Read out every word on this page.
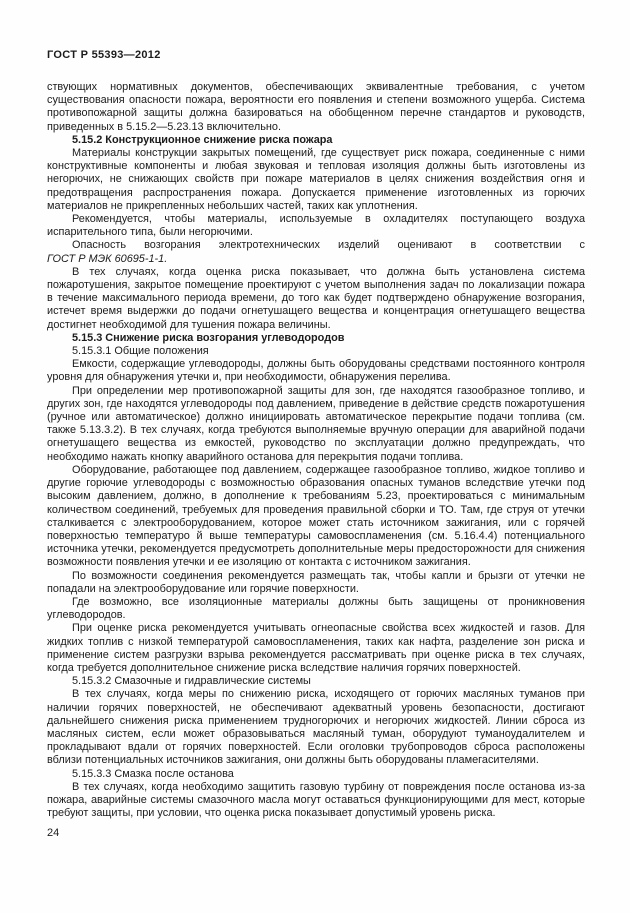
ГОСТ Р 55393—2012

ствующих нормативных документов, обеспечивающих эквивалентные требования, с учетом существования опасности пожара, вероятности его появления и степени возможного ущерба. Система противопожарной защиты должна базироваться на обобщенном перечне стандартов и руководств, приведенных в 5.15.2—5.23.13 включительно.

5.15.2 Конструкционное снижение риска пожара

Материалы конструкции закрытых помещений, где существует риск пожара, соединенные с ними конструктивные компоненты и любая звуковая и тепловая изоляция должны быть изготовлены из негорючих, не снижающих свойств при пожаре материалов в целях снижения воздействия огня и предотвращения распространения пожара. Допускается применение изготовленных из горючих материалов не прикрепленных небольших частей, таких как уплотнения.

Рекомендуется, чтобы материалы, используемые в охладителях поступающего воздуха испарительного типа, были негорючими.

Опасность возгорания электротехнических изделий оценивают в соответствии с ГОСТ Р МЭК 60695-1-1.

В тех случаях, когда оценка риска показывает, что должна быть установлена система пожаротушения, закрытое помещение проектируют с учетом выполнения задач по локализации пожара в течение максимального периода времени, до того как будет подтверждено обнаружение возгорания, истечет время выдержки до подачи огнетушащего вещества и концентрация огнетушащего вещества достигнет необходимой для тушения пожара величины.

5.15.3 Снижение риска возгорания углеводородов

5.15.3.1 Общие положения

Емкости, содержащие углеводороды, должны быть оборудованы средствами постоянного контроля уровня для обнаружения утечки и, при необходимости, обнаружения перелива.

При определении мер противопожарной защиты для зон, где находятся газообразное топливо, и других зон, где находятся углеводороды под давлением, приведение в действие средств пожаротушения (ручное или автоматическое) должно инициировать автоматическое перекрытие подачи топлива (см. также 5.13.3.2). В тех случаях, когда требуются выполняемые вручную операции для аварийной подачи огнетушащего вещества из емкостей, руководство по эксплуатации должно предупреждать, что необходимо нажать кнопку аварийного останова для перекрытия подачи топлива.

Оборудование, работающее под давлением, содержащее газообразное топливо, жидкое топливо и другие горючие углеводороды с возможностью образования опасных туманов вследствие утечки под высоким давлением, должно, в дополнение к требованиям 5.23, проектироваться с минимальным количеством соединений, требуемых для проведения правильной сборки и ТО. Там, где струя от утечки сталкивается с электрооборудованием, которое может стать источником зажигания, или с горячей поверхностью температуро й выше температуры самовоспламенения (см. 5.16.4.4) потенциального источника утечки, рекомендуется предусмотреть дополнительные меры предосторожности для снижения возможности появления утечки и ее изоляцию от контакта с источником зажигания.

По возможности соединения рекомендуется размещать так, чтобы капли и брызги от утечки не попадали на электрооборудование или горячие поверхности.

Где возможно, все изоляционные материалы должны быть защищены от проникновения углеводородов.

При оценке риска рекомендуется учитывать огнеопасные свойства всех жидкостей и газов. Для жидких топлив с низкой температурой самовоспламенения, таких как нафта, разделение зон риска и применение систем разгрузки взрыва рекомендуется рассматривать при оценке риска в тех случаях, когда требуется дополнительное снижение риска вследствие наличия горячих поверхностей.

5.15.3.2 Смазочные и гидравлические системы

В тех случаях, когда меры по снижению риска, исходящего от горючих масляных туманов при наличии горячих поверхностей, не обеспечивают адекватный уровень безопасности, достигают дальнейшего снижения риска применением трудногорючих и негорючих жидкостей. Линии сброса из масляных систем, если может образовываться масляный туман, оборудуют туманоудалителем и прокладывают вдали от горячих поверхностей. Если оголовки трубопроводов сброса расположены вблизи потенциальных источников зажигания, они должны быть оборудованы пламегасителями.

5.15.3.3 Смазка после останова

В тех случаях, когда необходимо защитить газовую турбину от повреждения после останова из-за пожара, аварийные системы смазочного масла могут оставаться функционирующими для мест, которые требуют защиты, при условии, что оценка риска показывает допустимый уровень риска.

24
